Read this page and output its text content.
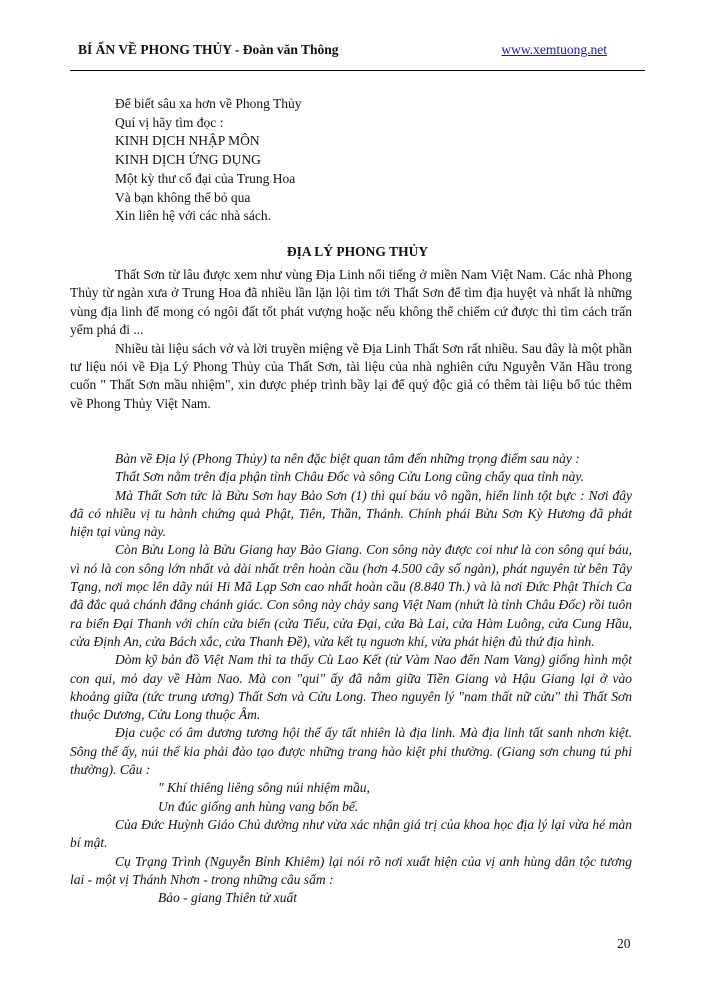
BÍ ẨN VỀ PHONG THỦY - Đoàn văn Thông	www.xemtuong.net
Để biết sâu xa hơn về Phong Thủy
Quí vị hãy tìm đọc :
KINH DỊCH NHẬP MÔN
KINH DỊCH ỨNG DỤNG
Một kỳ thư cổ đại của Trung Hoa
Và bạn không thể bỏ qua
Xin liên hệ với các nhà sách.
ĐỊA LÝ PHONG THỦY

Thất Sơn từ lâu được xem như vùng Địa Linh nổi tiếng ở miền Nam Việt Nam. Các nhà Phong Thủy từ ngàn xưa ở Trung Hoa đã nhiều lần lặn lội tìm tới Thất Sơn để tìm địa huyệt và nhất là những vùng địa linh để mong có ngôi đất tốt phát vượng hoặc nếu không thể chiếm cứ được thì tìm cách trấn yểm phá đi ...

Nhiều tài liệu sách vở và lời truyền miệng về Địa Linh Thất Sơn rất nhiều. Sau đây là một phần tư liệu nói về Địa Lý Phong Thủy của Thất Sơn, tài liệu của nhà nghiên cứu Nguyễn Văn Hầu trong cuốn " Thất Sơn mầu nhiệm", xin được phép trình bầy lại để quý độc giả có thêm tài liệu bổ túc thêm về Phong Thủy Việt Nam.

Bàn về Địa lý (Phong Thủy) ta nên đặc biệt quan tâm đến những trọng điểm sau này :

Thất Sơn nằm trên địa phận tỉnh Châu Đốc và sông Cửu Long cũng chẩy qua tỉnh này.

Mà Thất Sơn tức là Bửu Sơn hay Bảo Sơn (1) thì quí báu vô ngần, hiển linh tột bực : Nơi đây đã có nhiều vị tu hành chứng quả Phật, Tiên, Thần, Thánh. Chính phái Bửu Sơn Kỳ Hương đã phát hiện tại vùng này.

Còn Bửu Long là Bửu Giang hay Bảo Giang. Con sông này được coi như là con sông quí báu, vì nó là con sông lớn nhất và dài nhất trên hoàn cầu (hơn 4.500 cây số ngàn), phát nguyên từ bên Tây Tạng, nơi mọc lên dãy núi Hi Mã Lạp Sơn cao nhất hoàn cầu (8.840 Th.) và là nơi Đức Phật Thích Ca đã đắc quả chánh đẳng chánh giác. Con sông này chảy sang Việt Nam (nhứt là tỉnh Châu Đốc) rồi tuôn ra biển Đại Thanh với chín cửa biển (cửa Tiểu, cửa Đại, cửa Bà Lai, cửa Hàm Luông, cửa Cung Hầu, cửa Định An, cửa Bách xắc, cửa Thanh Đề), vừa kết tụ nguơn khí, vừa phát hiện đủ thứ địa hình.

Dòm kỹ bản đồ Việt Nam thì ta thấy Cù Lao Kết (từ Vàm Nao đến Nam Vang) giống hình một con qui, mỏ day về Hàm Nao. Mà con "qui" ấy đã nằm giữa Tiền Giang và Hậu Giang lại ở vào khoảng giữa (tức trung ương) Thất Sơn và Cửu Long. Theo nguyên lý "nam thất nữ cửu" thì Thất Sơn thuộc Dương, Cửu Long thuộc Âm.

Địa cuộc có âm dương tương hội thế ấy tất nhiên là địa linh. Mà địa linh tất sanh nhơn kiệt. Sông thế ấy, núi thế kia phải đào tạo được những trang hào kiệt phi thường. (Giang sơn chung tú phi thường). Câu :

" Khí thiêng liêng sông núi nhiệm mầu,

Un đúc giống anh hùng vang bốn bể.

Của Đức Huỳnh Giáo Chủ dường như vừa xác nhận giá trị của khoa học địa lý lại vừa hé màn bí mật.

Cụ Trạng Trình (Nguyễn Bỉnh Khiêm) lại nói rõ nơi xuất hiện của vị anh hùng dân tộc tương lai - một vị Thánh Nhơn - trong những câu sấm :

Bảo - giang Thiên tử xuất

20
